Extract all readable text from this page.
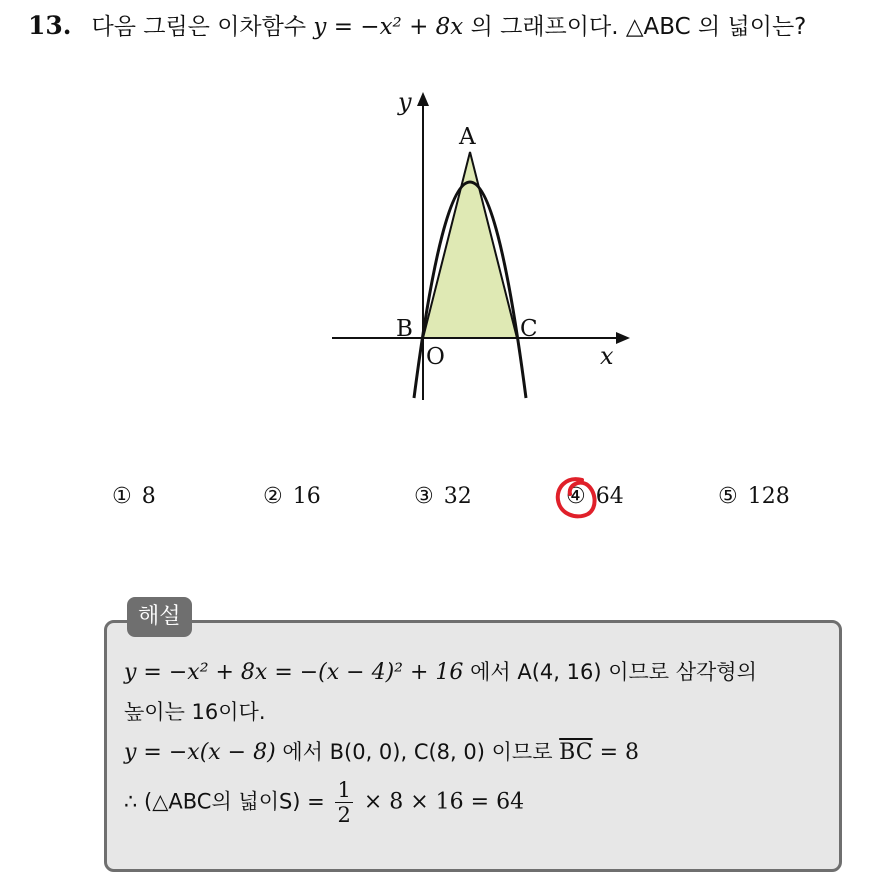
13. 다음 그림은 이차함수 y = −x² + 8x 의 그래프이다. △ABC 의 넓이는?
y
x
A
B	C
O
① 8	② 16	③ 32	④ 64	⑤ 128
해설
y = −x² + 8x = −(x − 4)² + 16 에서 A(4, 16) 이므로 삼각형의
높이는 16이다.
y = −x(x − 8) 에서 B(0, 0), C(8, 0) 이므로 $\overline{BC} = 8$
∴ (△ABC의 넓이$S) = \frac{1}{2} \times 8 \times 16 = 64$
